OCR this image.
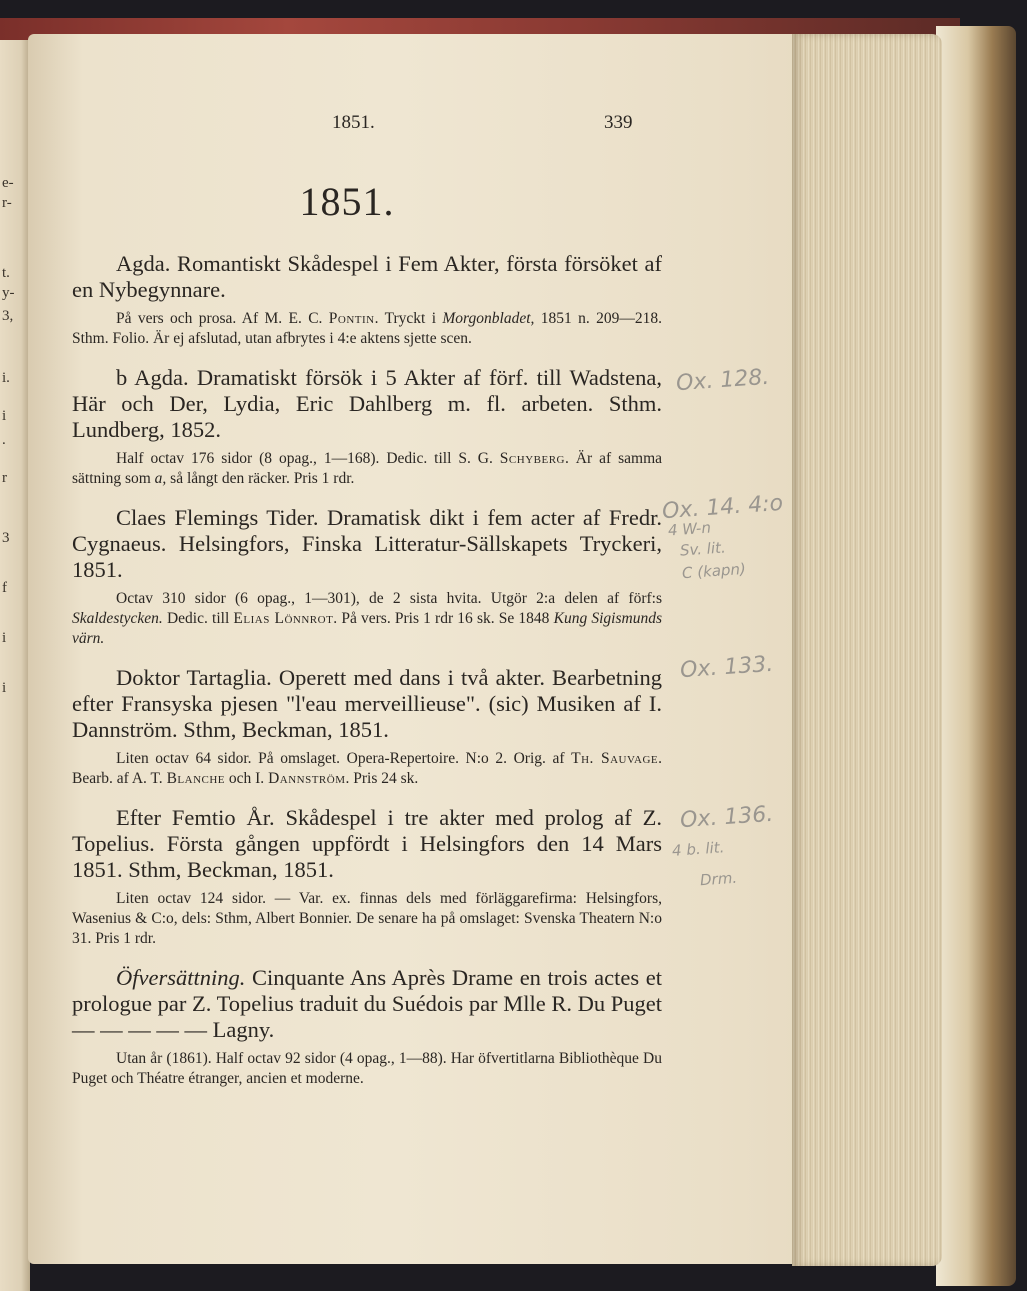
e-
r-
t.
y-
3,
i.
i
.
r
3
f
i
i
1851.	339
1851.

Agda. Romantiskt Skådespel i Fem Akter, första försöket af en Nybegynnare.

På vers och prosa. Af M. E. C. Pontin. Tryckt i Morgonbladet, 1851 n. 209—218. Sthm. Folio. Är ej afslutad, utan afbrytes i 4:e aktens sjette scen.

b Agda. Dramatiskt försök i 5 Akter af förf. till Wadstena, Här och Der, Lydia, Eric Dahlberg m. fl. arbeten. Sthm. Lundberg, 1852.

Half octav 176 sidor (8 opag., 1—168). Dedic. till S. G. Schyberg. Är af samma sättning som a, så långt den räcker. Pris 1 rdr.

Claes Flemings Tider. Dramatisk dikt i fem acter af Fredr. Cygnaeus. Helsingfors, Finska Litteratur-Sällskapets Tryckeri, 1851.

Octav 310 sidor (6 opag., 1—301), de 2 sista hvita. Utgör 2:a delen af förf:s Skaldestycken. Dedic. till Elias Lönnrot. På vers. Pris 1 rdr 16 sk. Se 1848 Kung Sigismunds värn.

Doktor Tartaglia. Operett med dans i två akter. Bearbetning efter Fransyska pjesen "l'eau merveillieuse". (sic) Musiken af I. Dannström. Sthm, Beckman, 1851.

Liten octav 64 sidor. På omslaget. Opera-Repertoire. N:o 2. Orig. af Th. Sauvage. Bearb. af A. T. Blanche och I. Dannström. Pris 24 sk.

Efter Femtio År. Skådespel i tre akter med prolog af Z. Topelius. Första gången uppfördt i Helsingfors den 14 Mars 1851. Sthm, Beckman, 1851.

Liten octav 124 sidor. — Var. ex. finnas dels med förläggarefirma: Helsingfors, Wasenius & C:o, dels: Sthm, Albert Bonnier. De senare ha på omslaget: Svenska Theatern N:o 31. Pris 1 rdr.

Öfversättning. Cinquante Ans Après Drame en trois actes et prologue par Z. Topelius traduit du Suédois par Mlle R. Du Puget — — — — — Lagny.

Utan år (1861). Half octav 92 sidor (4 opag., 1—88). Har öfvertitlarna Bibliothèque Du Puget och Théatre étranger, ancien et moderne.

Ox. 128.
Ox. 14. 4:o
4 W-n
Sv. lit.
C (kapn)
Ox. 133.
Ox. 136.
4 b. lit.
Drm.
